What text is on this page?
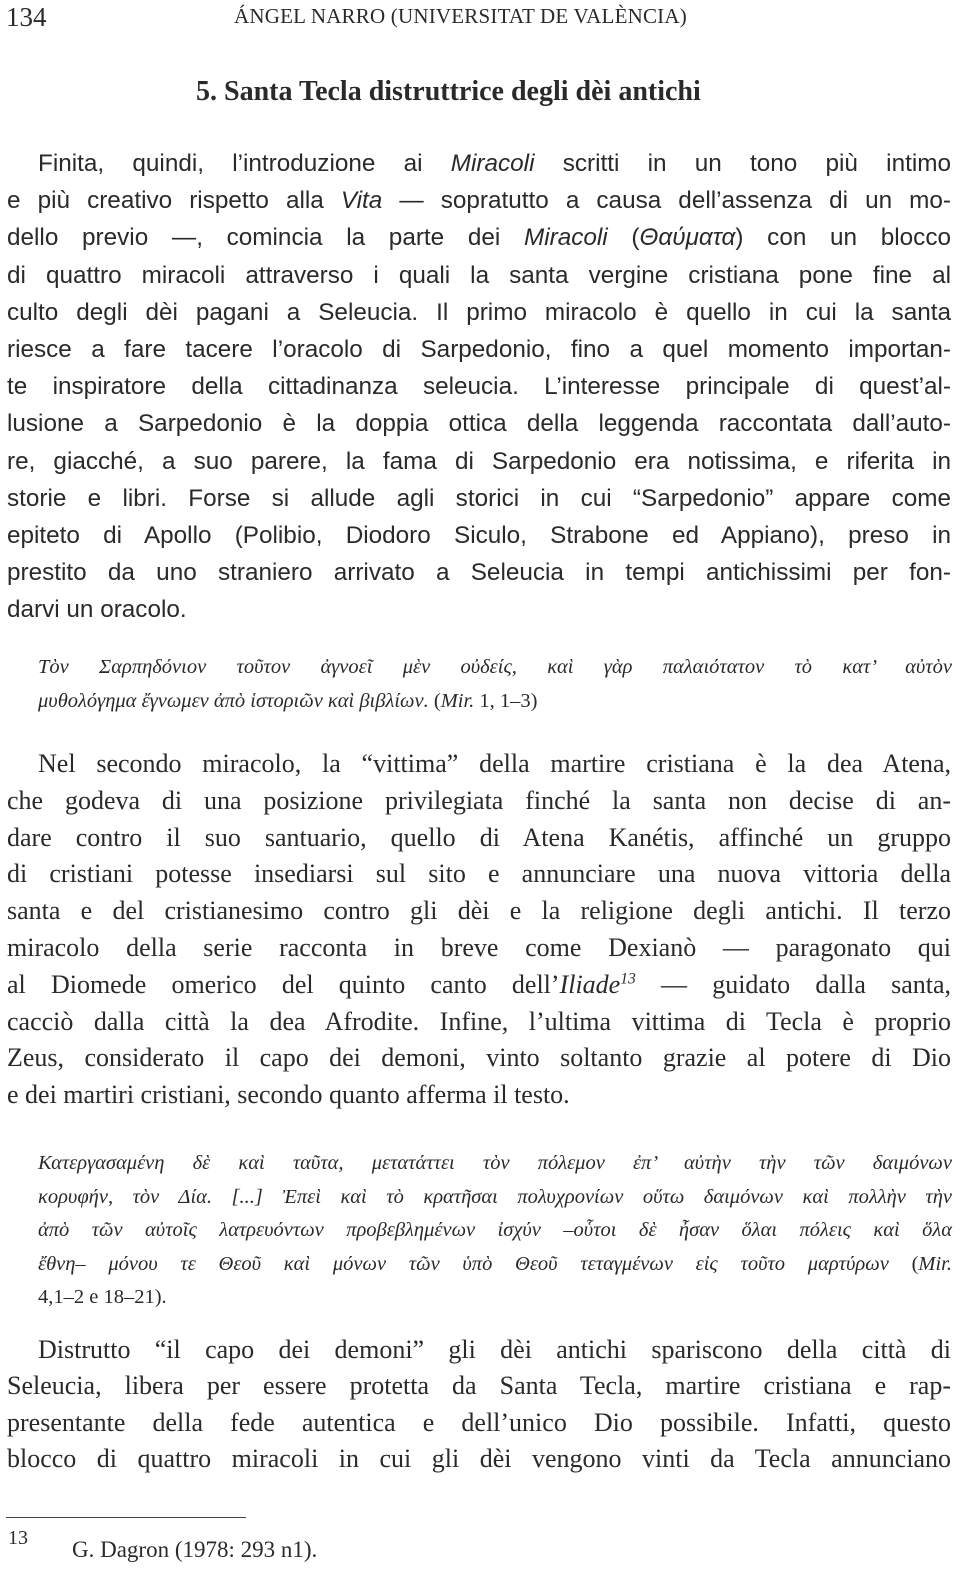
134	ÁNGEL NARRO (UNIVERSITAT DE VALÈNCIA)
5. Santa Tecla distruttrice degli dèi antichi
Finita, quindi, l’introduzione ai Miracoli scritti in un tono più intimo
e più creativo rispetto alla Vita — sopratutto a causa dell’assenza di un mo-
dello previo —, comincia la parte dei Miracoli (Θαύματα) con un blocco
di quattro miracoli attraverso i quali la santa vergine cristiana pone fine al
culto degli dèi pagani a Seleucia. Il primo miracolo è quello in cui la santa
riesce a fare tacere l’oracolo di Sarpedonio, fino a quel momento importan-
te inspiratore della cittadinanza seleucia. L’interesse principale di quest’al-
lusione a Sarpedonio è la doppia ottica della leggenda raccontata dall’auto-
re, giacché, a suo parere, la fama di Sarpedonio era notissima, e riferita in
storie e libri. Forse si allude agli storici in cui “Sarpedonio” appare come
epiteto di Apollo (Polibio, Diodoro Siculo, Strabone ed Appiano), preso in
prestito da uno straniero arrivato a Seleucia in tempi antichissimi per fon-
darvi un oracolo.
Τὸν Σαρπηδόνιον τοῦτον ἀγνοεῖ μὲν οὐδείς, καὶ γὰρ παλαιότατον τὸ κατ’ αὐτὸν
μυθολόγημα ἔγνωμεν ἀπὸ ἱστοριῶν καὶ βιβλίων. (Mir. 1, 1–3)
Nel secondo miracolo, la “vittima” della martire cristiana è la dea Atena,
che godeva di una posizione privilegiata finché la santa non decise di an-
dare contro il suo santuario, quello di Atena Kanétis, affinché un gruppo
di cristiani potesse insediarsi sul sito e annunciare una nuova vittoria della
santa e del cristianesimo contro gli dèi e la religione degli antichi. Il terzo
miracolo della serie racconta in breve come Dexianò — paragonato qui
al Diomede omerico del quinto canto dell’Iliade$^{13}$ — guidato dalla santa,
cacciò dalla città la dea Afrodite. Infine, l’ultima vittima di Tecla è proprio
Zeus, considerato il capo dei demoni, vinto soltanto grazie al potere di Dio
e dei martiri cristiani, secondo quanto afferma il testo.
Κατεργασαμένη δὲ καὶ ταῦτα, μετατάττει τὸν πόλεμον ἐπ’ αὐτὴν τὴν τῶν δαιμόνων
κορυφήν, τὸν Δία. [...] Ἐπεὶ καὶ τὸ κρατῆσαι πολυχρονίων οὕτω δαιμόνων καὶ πολλὴν τὴν
ἀπὸ τῶν αὐτοῖς λατρευόντων προβεβλημένων ἰσχύν –οὗτοι δὲ ἦσαν ὅλαι πόλεις καὶ ὅλα
ἔθνη– μόνου τε Θεοῦ καὶ μόνων τῶν ὑπὸ Θεοῦ τεταγμένων εἰς τοῦτο μαρτύρων (Mir.
4,1–2 e 18–21).
Distrutto “il capo dei demoni” gli dèi antichi spariscono della città di
Seleucia, libera per essere protetta da Santa Tecla, martire cristiana e rap-
presentante della fede autentica e dell’unico Dio possibile. Infatti, questo
blocco di quattro miracoli in cui gli dèi vengono vinti da Tecla annunciano
13 G. Dagron (1978: 293 n1).
